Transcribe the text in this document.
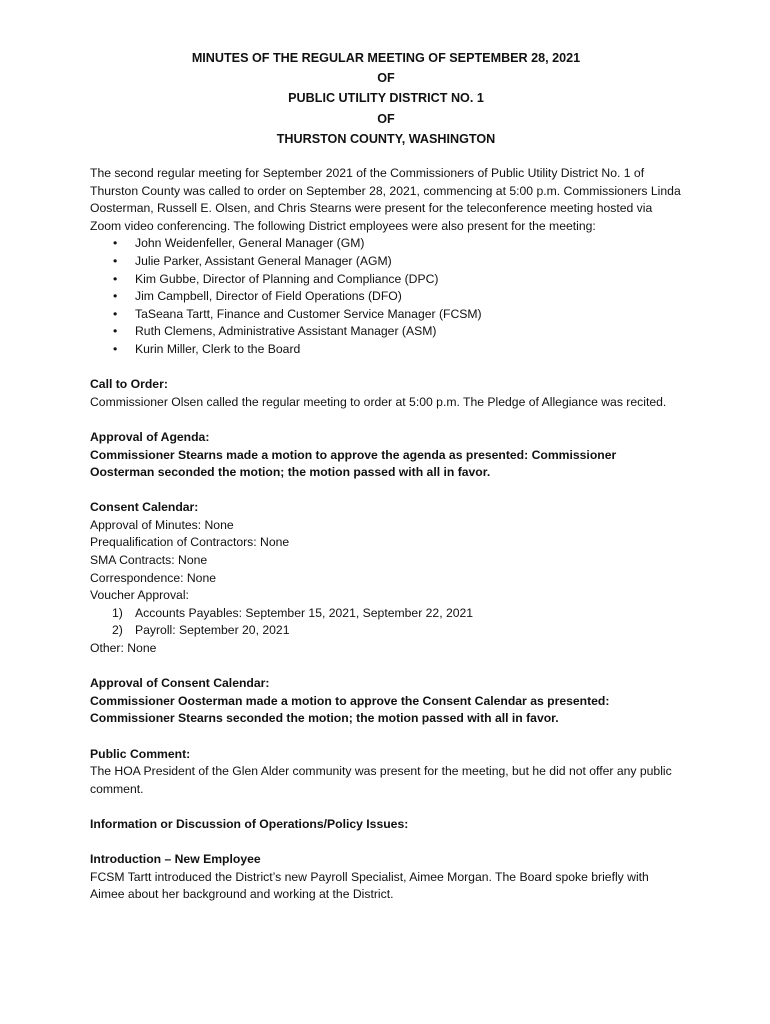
MINUTES OF THE REGULAR MEETING OF SEPTEMBER 28, 2021
OF
PUBLIC UTILITY DISTRICT NO. 1
OF
THURSTON COUNTY, WASHINGTON

The second regular meeting for September 2021 of the Commissioners of Public Utility District No. 1 of Thurston County was called to order on September 28, 2021, commencing at 5:00 p.m. Commissioners Linda Oosterman, Russell E. Olsen, and Chris Stearns were present for the teleconference meeting hosted via Zoom video conferencing. The following District employees were also present for the meeting:

• John Weidenfeller, General Manager (GM)
• Julie Parker, Assistant General Manager (AGM)
• Kim Gubbe, Director of Planning and Compliance (DPC)
• Jim Campbell, Director of Field Operations (DFO)
• TaSeana Tartt, Finance and Customer Service Manager (FCSM)
• Ruth Clemens, Administrative Assistant Manager (ASM)
• Kurin Miller, Clerk to the Board

Call to Order:

Commissioner Olsen called the regular meeting to order at 5:00 p.m. The Pledge of Allegiance was recited.

Approval of Agenda:

Commissioner Stearns made a motion to approve the agenda as presented: Commissioner Oosterman seconded the motion; the motion passed with all in favor.

Consent Calendar:

Approval of Minutes: None

Prequalification of Contractors: None

SMA Contracts: None

Correspondence: None

Voucher Approval:

1) Accounts Payables: September 15, 2021, September 22, 2021
2) Payroll: September 20, 2021

Other: None

Approval of Consent Calendar:

Commissioner Oosterman made a motion to approve the Consent Calendar as presented: Commissioner Stearns seconded the motion; the motion passed with all in favor.

Public Comment:

The HOA President of the Glen Alder community was present for the meeting, but he did not offer any public comment.

Information or Discussion of Operations/Policy Issues:

Introduction – New Employee

FCSM Tartt introduced the District’s new Payroll Specialist, Aimee Morgan. The Board spoke briefly with Aimee about her background and working at the District.
